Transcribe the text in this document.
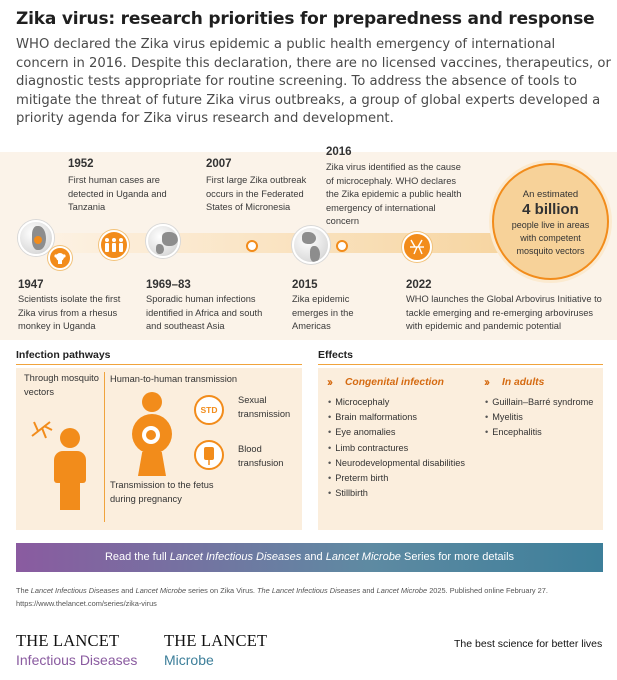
Zika virus: research priorities for preparedness and response
WHO declared the Zika virus epidemic a public health emergency of international concern in 2016. Despite this declaration, there are no licensed vaccines, therapeutics, or diagnostic tests appropriate for routine screening. To address the absence of tools to mitigate the threat of future Zika virus outbreaks, a group of global experts developed a priority agenda for Zika virus research and development.
1947
Scientists isolate the first Zika virus from a rhesus monkey in Uganda
1952
First human cases are detected in Uganda and Tanzania
1969–83
Sporadic human infections identified in Africa and south and southeast Asia
2007
First large Zika outbreak occurs in the Federated States of Micronesia
2015
Zika epidemic emerges in the Americas
2016
Zika virus identified as the cause of microcephaly. WHO declares the Zika epidemic a public health emergency of international concern
2022
WHO launches the Global Arbovirus Initiative to tackle emerging and re-emerging arboviruses with epidemic and pandemic potential
An estimated
4 billion
people live in areas with competent mosquito vectors
Infection pathways
Through mosquito vectors
Human-to-human transmission
Transmission to the fetus during pregnancy
STD
Sexual transmission
Blood transfusion
Effects
›› Congenital infection
• Microcephaly
• Brain malformations
• Eye anomalies
• Limb contractures
• Neurodevelopmental disabilities
• Preterm birth
• Stillbirth
›› In adults
• Guillain–Barré syndrome
• Myelitis
• Encephalitis
Read the full Lancet Infectious Diseases and Lancet Microbe Series for more details
The Lancet Infectious Diseases and Lancet Microbe series on Zika Virus. The Lancet Infectious Diseases and Lancet Microbe 2025. Published online February 27.
https://www.thelancet.com/series/zika-virus
THE LANCET
Infectious Diseases
THE LANCET
Microbe
The best science for better lives
